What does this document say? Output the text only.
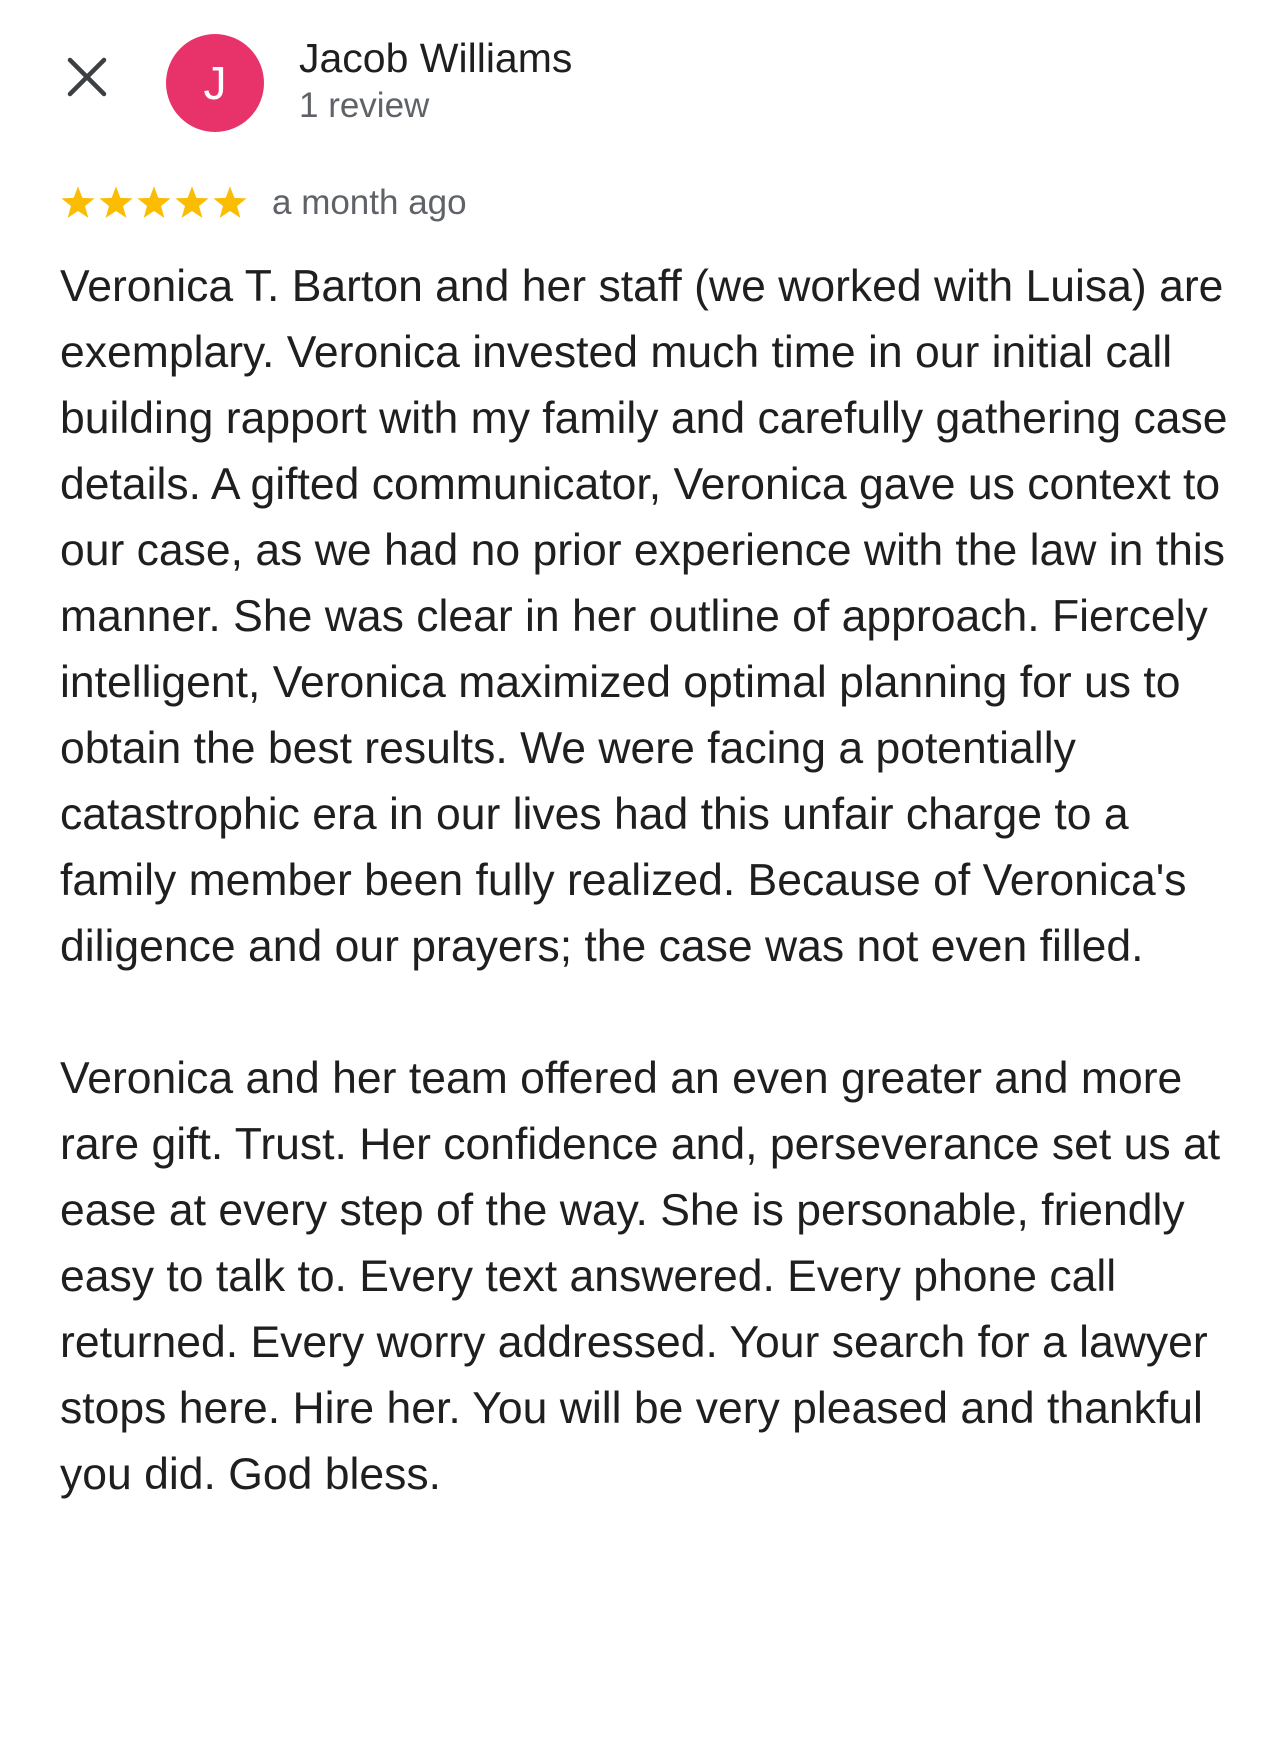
J	Jacob Williams
1 review
a month ago

Veronica T. Barton and her staff (we worked with Luisa) are exemplary. Veronica invested much time in our initial call building rapport with my family and carefully gathering case details. A gifted communicator, Veronica gave us context to our case, as we had no prior experience with the law in this manner. She was clear in her outline of approach. Fiercely intelligent, Veronica maximized optimal planning for us to obtain the best results. We were facing a potentially catastrophic era in our lives had this unfair charge to a family member been fully realized. Because of Veronica's diligence and our prayers; the case was not even filled.

Veronica and her team offered an even greater and more rare gift. Trust. Her confidence and, perseverance set us at ease at every step of the way. She is personable, friendly easy to talk to. Every text answered. Every phone call returned. Every worry addressed. Your search for a lawyer stops here. Hire her. You will be very pleased and thankful you did. God bless.
